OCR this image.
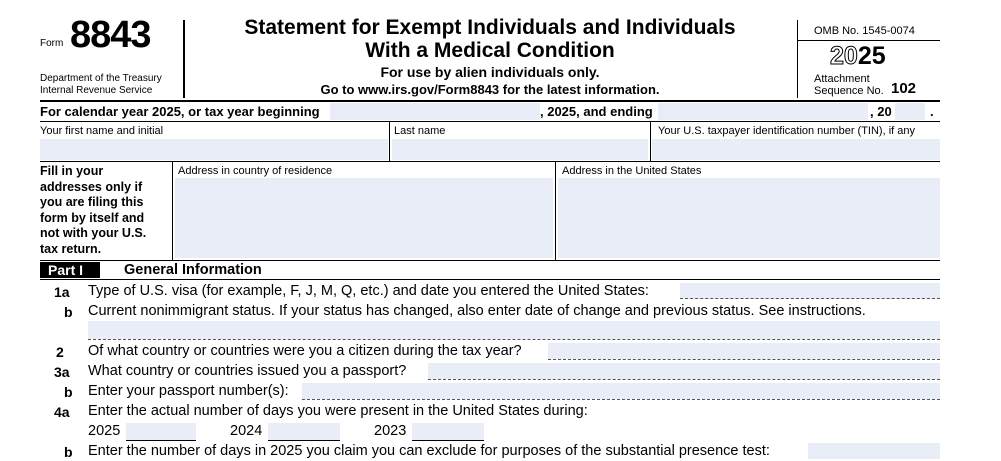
Form 8843
Department of the Treasury
Internal Revenue Service
Statement for Exempt Individuals and Individuals
With a Medical Condition
For use by alien individuals only.
Go to www.irs.gov/Form8843 for the latest information.
OMB No. 1545-0074
2025
Attachment
Sequence No. 102
For calendar year 2025, or tax year beginning	, 2025, and ending	, 20	.
Your first name and initial	Last name	Your U.S. taxpayer identification number (TIN), if any
Fill in your
addresses only if
you are filing this
form by itself and
not with your U.S.
tax return.
Address in country of residence	Address in the United States
Part I	General Information
1a Type of U.S. visa (for example, F, J, M, Q, etc.) and date you entered the United States:
b Current nonimmigrant status. If your status has changed, also enter date of change and previous status. See instructions.
2 Of what country or countries were you a citizen during the tax year?
3a What country or countries issued you a passport?
b Enter your passport number(s):
4a Enter the actual number of days you were present in the United States during:
2025	2024	2023
b Enter the number of days in 2025 you claim you can exclude for purposes of the substantial presence test:
